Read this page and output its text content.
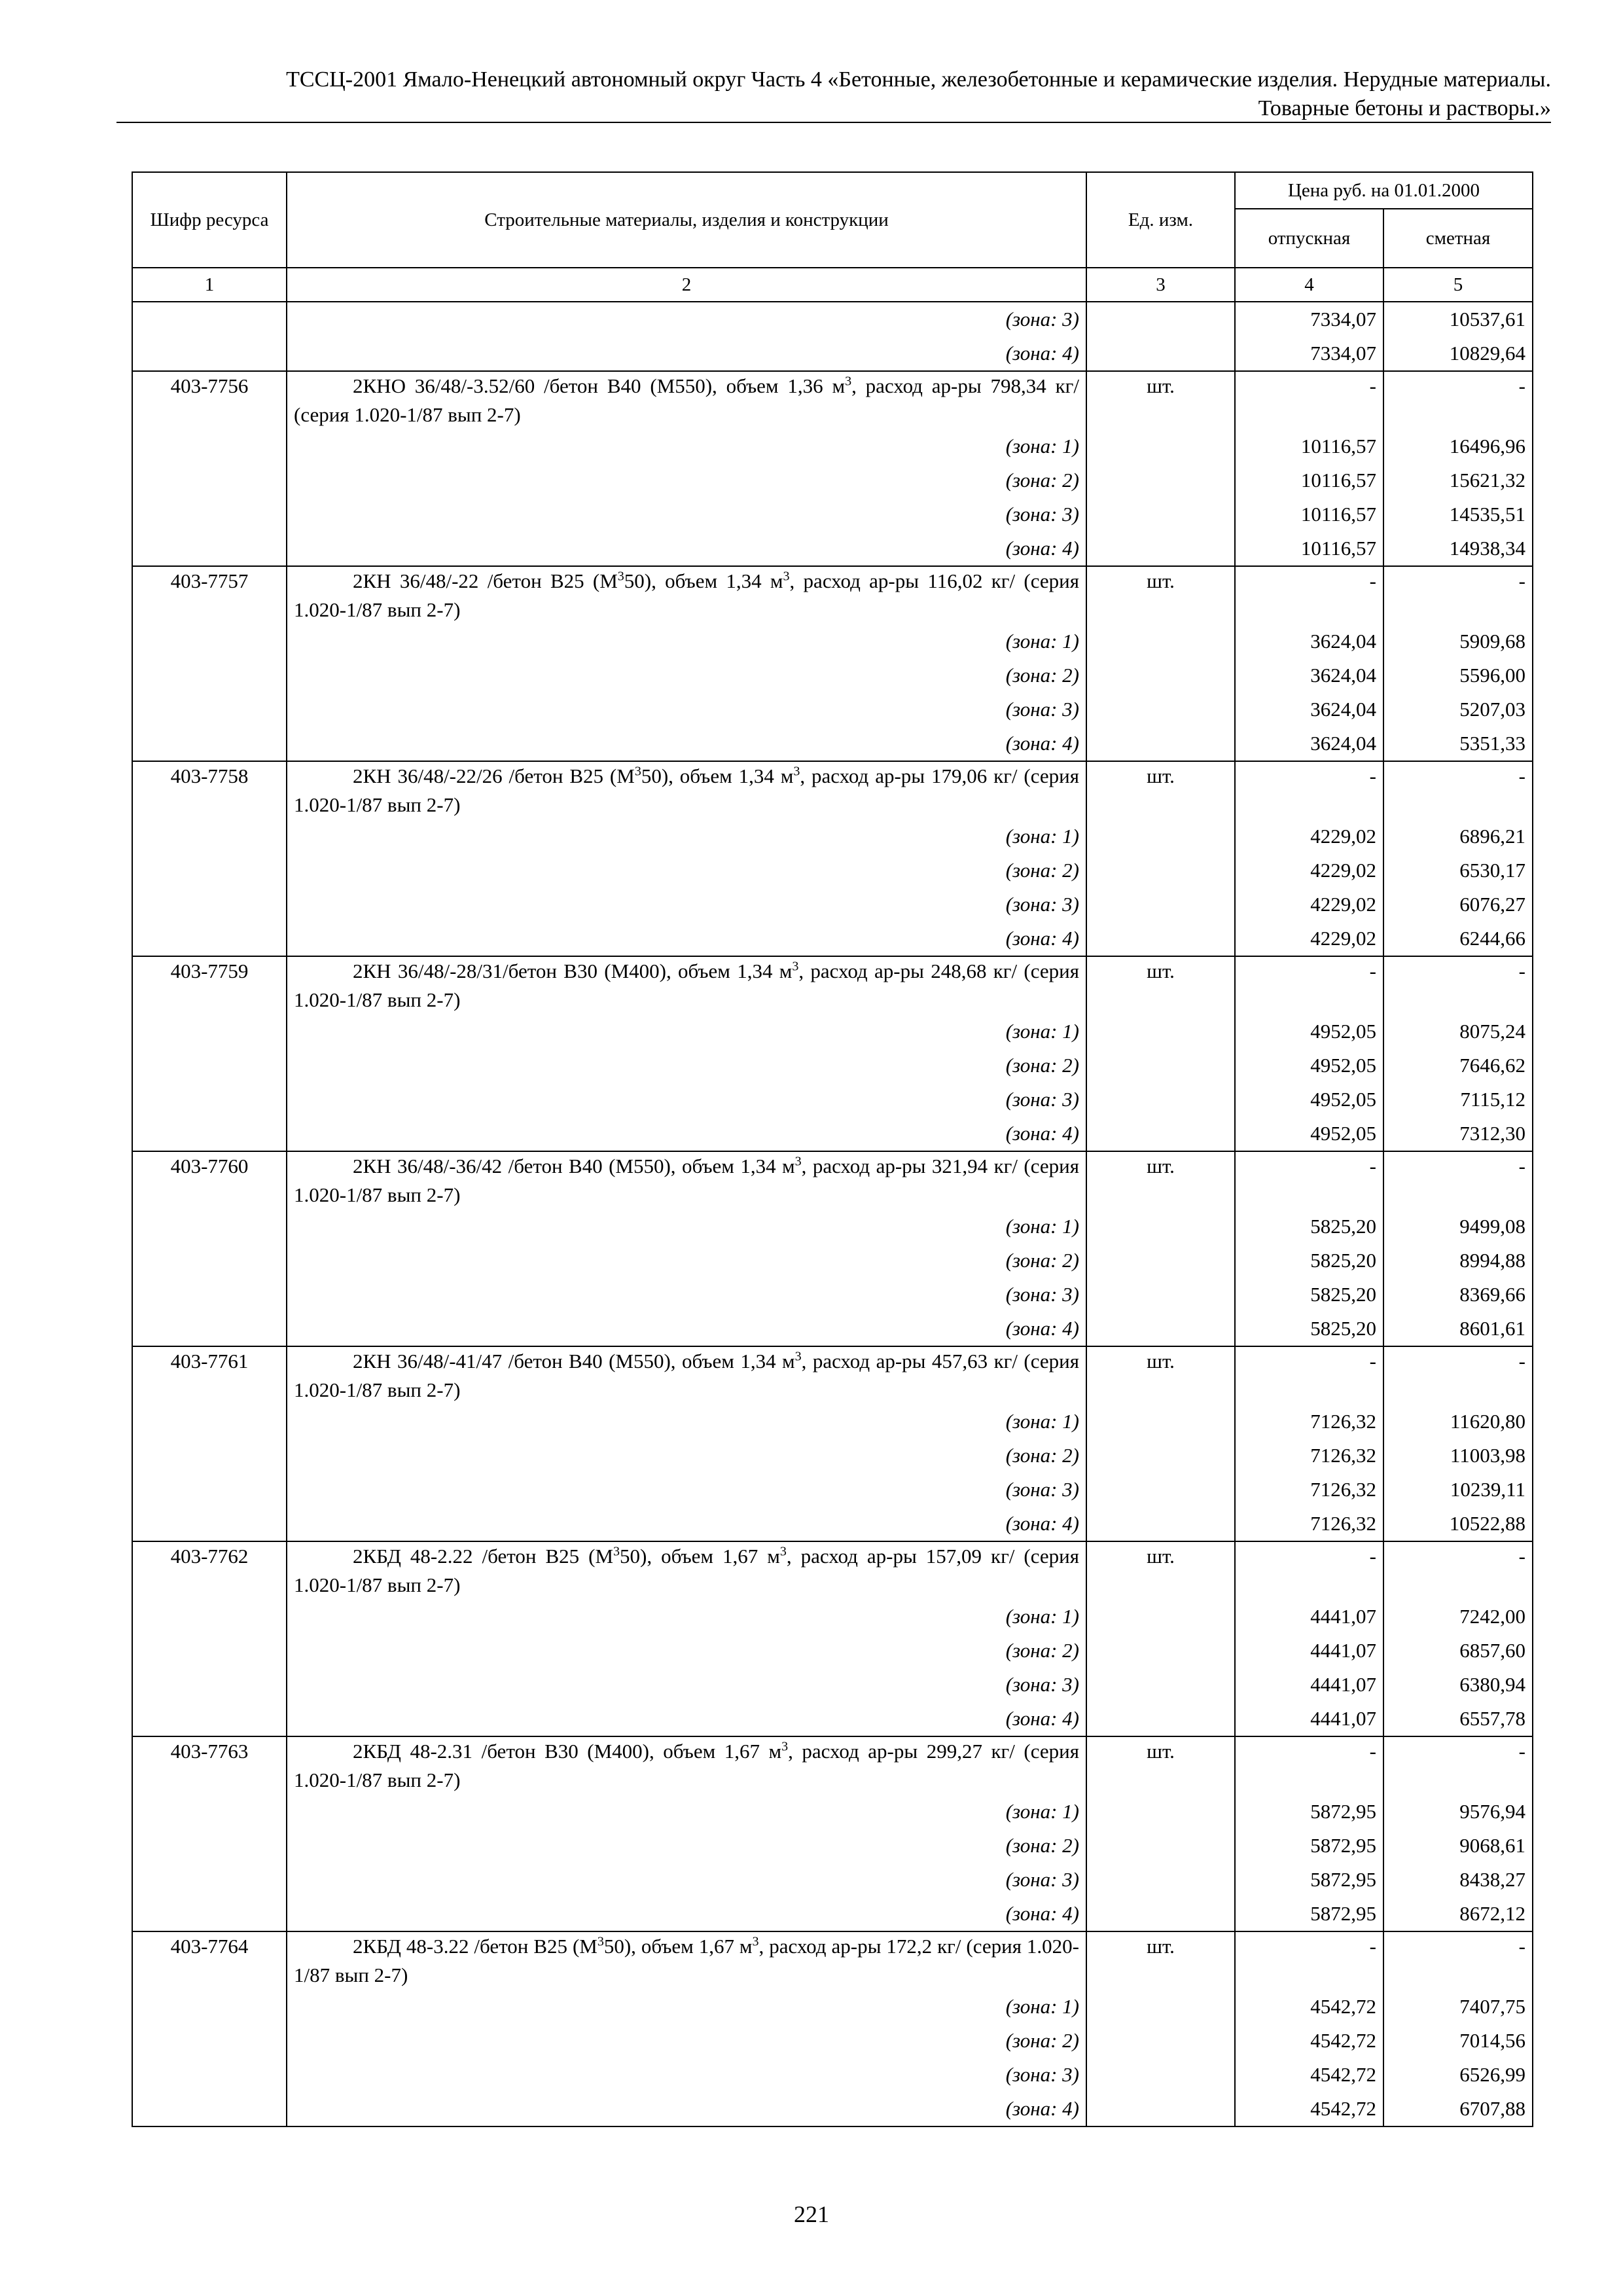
ТССЦ-2001 Ямало-Ненецкий автономный округ Часть 4 «Бетонные, железобетонные и керамические изделия. Нерудные материалы.
Товарные бетоны и растворы.»
Шифр ресурса	Строительные материалы, изделия и конструкции	Ед. изм.	Цена руб. на 01.01.2000	
			отпускная	сметная
1	2	3	4	5
	(зона: 3)		7334,07	10537,61
	(зона: 4)		7334,07	10829,64
403-7756	2КНО 36/48/-3.52/60 /бетон В40 (М550), объем 1,36 $м^3$, расход ар-ры 798,34 кг/ (серия 1.020-1/87 вып 2-7)	шт.	-	-
	(зона: 1)		10116,57	16496,96
	(зона: 2)		10116,57	15621,32
	(зона: 3)		10116,57	14535,51
	(зона: 4)		10116,57	14938,34
403-7757	2КН 36/48/-22 /бетон В25 $(М^350)$, объем 1,34 $м^3$, расход ар-ры 116,02 кг/ (серия 1.020-1/87 вып 2-7)	шт.	-	-
	(зона: 1)		3624,04	5909,68
	(зона: 2)		3624,04	5596,00
	(зона: 3)		3624,04	5207,03
	(зона: 4)		3624,04	5351,33
403-7758	2КН 36/48/-22/26 /бетон В25 $(М^350)$, объем 1,34 $м^3$, расход ар-ры 179,06 кг/ (серия 1.020-1/87 вып 2-7)	шт.	-	-
	(зона: 1)		4229,02	6896,21
	(зона: 2)		4229,02	6530,17
	(зона: 3)		4229,02	6076,27
	(зона: 4)		4229,02	6244,66
403-7759	2КН 36/48/-28/31/бетон В30 (М400), объем 1,34 $м^3$, расход ар-ры 248,68 кг/ (серия 1.020-1/87 вып 2-7)	шт.	-	-
	(зона: 1)		4952,05	8075,24
	(зона: 2)		4952,05	7646,62
	(зона: 3)		4952,05	7115,12
	(зона: 4)		4952,05	7312,30
403-7760	2КН 36/48/-36/42 /бетон В40 (М550), объем 1,34 $м^3$, расход ар-ры 321,94 кг/ (серия 1.020-1/87 вып 2-7)	шт.	-	-
	(зона: 1)		5825,20	9499,08
	(зона: 2)		5825,20	8994,88
	(зона: 3)		5825,20	8369,66
	(зона: 4)		5825,20	8601,61
403-7761	2КН 36/48/-41/47 /бетон В40 (М550), объем 1,34 $м^3$, расход ар-ры 457,63 кг/ (серия 1.020-1/87 вып 2-7)	шт.	-	-
	(зона: 1)		7126,32	11620,80
	(зона: 2)		7126,32	11003,98
	(зона: 3)		7126,32	10239,11
	(зона: 4)		7126,32	10522,88
403-7762	2КБД 48-2.22 /бетон В25 $(М^350)$, объем 1,67 $м^3$, расход ар-ры 157,09 кг/ (серия 1.020-1/87 вып 2-7)	шт.	-	-
	(зона: 1)		4441,07	7242,00
	(зона: 2)		4441,07	6857,60
	(зона: 3)		4441,07	6380,94
	(зона: 4)		4441,07	6557,78
403-7763	2КБД 48-2.31 /бетон В30 (М400), объем 1,67 $м^3$, расход ар-ры 299,27 кг/ (серия 1.020-1/87 вып 2-7)	шт.	-	-
	(зона: 1)		5872,95	9576,94
	(зона: 2)		5872,95	9068,61
	(зона: 3)		5872,95	8438,27
	(зона: 4)		5872,95	8672,12
403-7764	2КБД 48-3.22 /бетон В25 $(М^350)$, объем 1,67 $м^3$, расход ар-ры 172,2 кг/ (серия 1.020-1/87 вып 2-7)	шт.	-	-
	(зона: 1)		4542,72	7407,75
	(зона: 2)		4542,72	7014,56
	(зона: 3)		4542,72	6526,99
	(зона: 4)		4542,72	6707,88
221
